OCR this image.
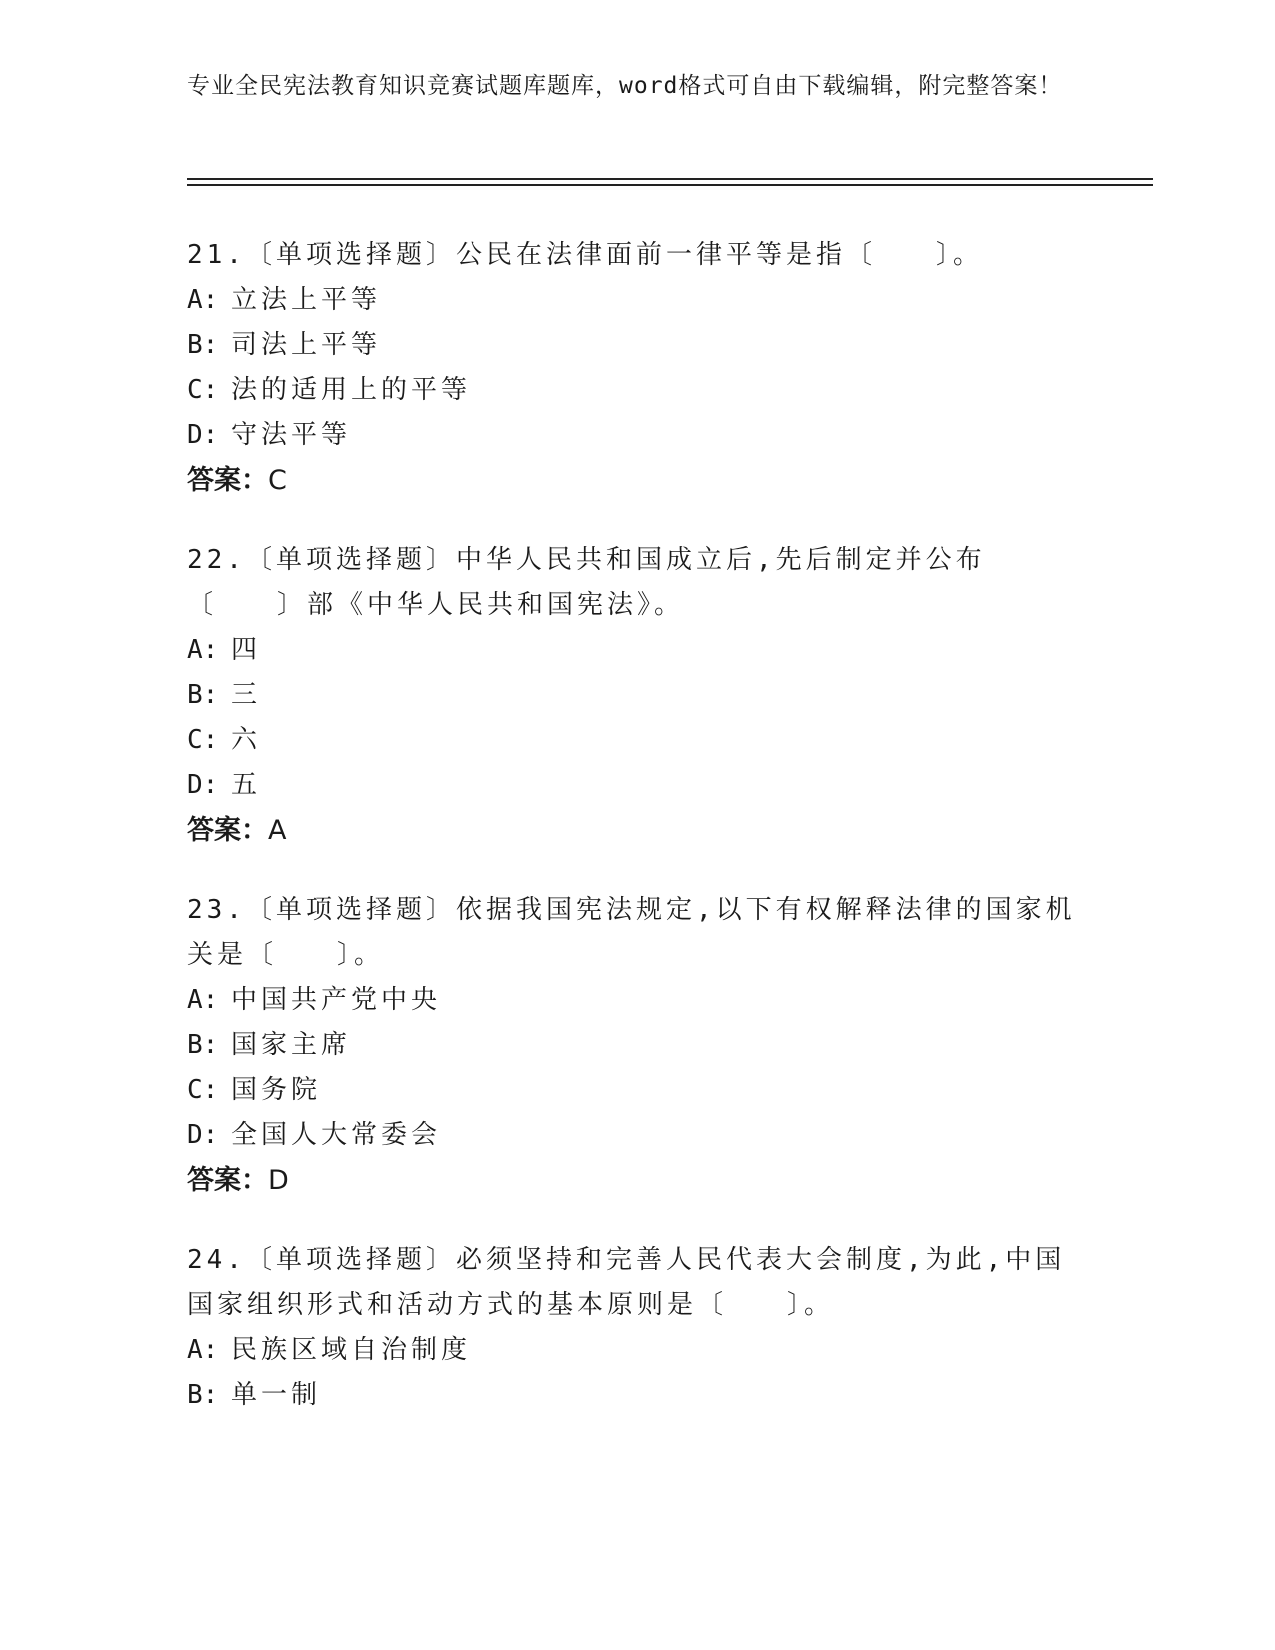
专业全民宪法教育知识竞赛试题库题库，word格式可自由下载编辑，附完整答案！
21.〔单项选择题〕公民在法律面前一律平等是指〔　　〕。
A: 立法上平等
B: 司法上平等
C: 法的适用上的平等
D: 守法平等
答案：C
22.〔单项选择题〕中华人民共和国成立后,先后制定并公布〔　　〕部《中华人民共和国宪法》。
A: 四
B: 三
C: 六
D: 五
答案：A
23.〔单项选择题〕依据我国宪法规定,以下有权解释法律的国家机关是〔　　〕。
A: 中国共产党中央
B: 国家主席
C: 国务院
D: 全国人大常委会
答案：D
24.〔单项选择题〕必须坚持和完善人民代表大会制度,为此,中国国家组织形式和活动方式的基本原则是〔　　〕。
A: 民族区域自治制度
B: 单一制
